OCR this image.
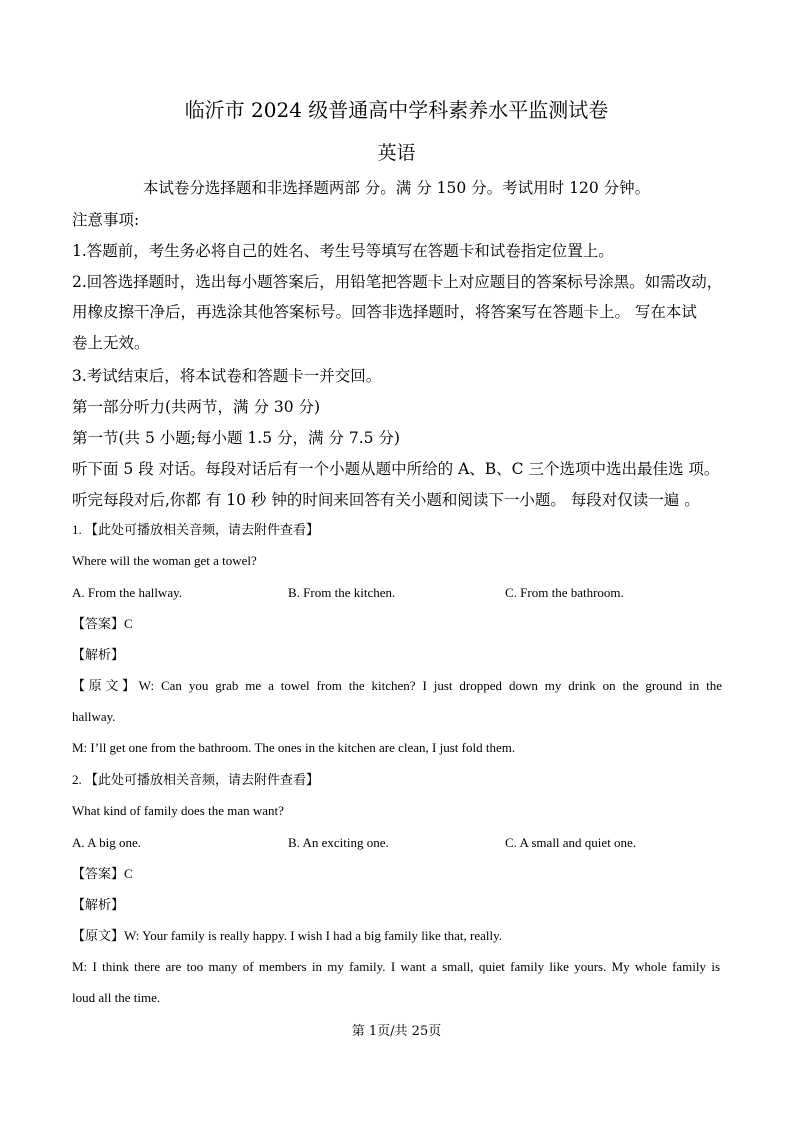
临沂市 2024 级普通高中学科素养水平监测试卷
英语
本试卷分选择题和非选择题两部 分。满 分 150 分。考试用时 120 分钟。
注意事项:
1.答题前，考生务必将自己的姓名、考生号等填写在答题卡和试卷指定位置上。
2.回答选择题时，选出每小题答案后，用铅笔把答题卡上对应题目的答案标号涂黑。如需改动，
用橡皮擦干净后，再选涂其他答案标号。回答非选择题时，将答案写在答题卡上。 写在本试
卷上无效。
3.考试结束后，将本试卷和答题卡一并交回。
第一部分听力(共两节，满 分 30 分)
第一节(共 5 小题;每小题 1.5 分，满 分 7.5 分)
听下面 5 段 对话。每段对话后有一个小题从题中所给的 A、B、C 三个选项中选出最佳选 项。
听完每段对后,你都 有 10 秒 钟的时间来回答有关小题和阅读下一小题。 每段对仅读一遍 。
1. 【此处可播放相关音频，请去附件查看】
Where will the woman get a towel?
A. From the hallway.	B. From the kitchen.	C. From the bathroom.
【答案】C
【解析】
【原文】W: Can you grab me a towel from the kitchen? I just dropped down my drink on the ground in the
hallway.
M: I’ll get one from the bathroom. The ones in the kitchen are clean, I just fold them.
2. 【此处可播放相关音频，请去附件查看】
What kind of family does the man want?
A. A big one.	B. An exciting one.	C. A small and quiet one.
【答案】C
【解析】
【原文】W: Your family is really happy. I wish I had a big family like that, really.
M: I think there are too many of members in my family. I want a small, quiet family like yours. My whole family is
loud all the time.
第 1页/共 25页
